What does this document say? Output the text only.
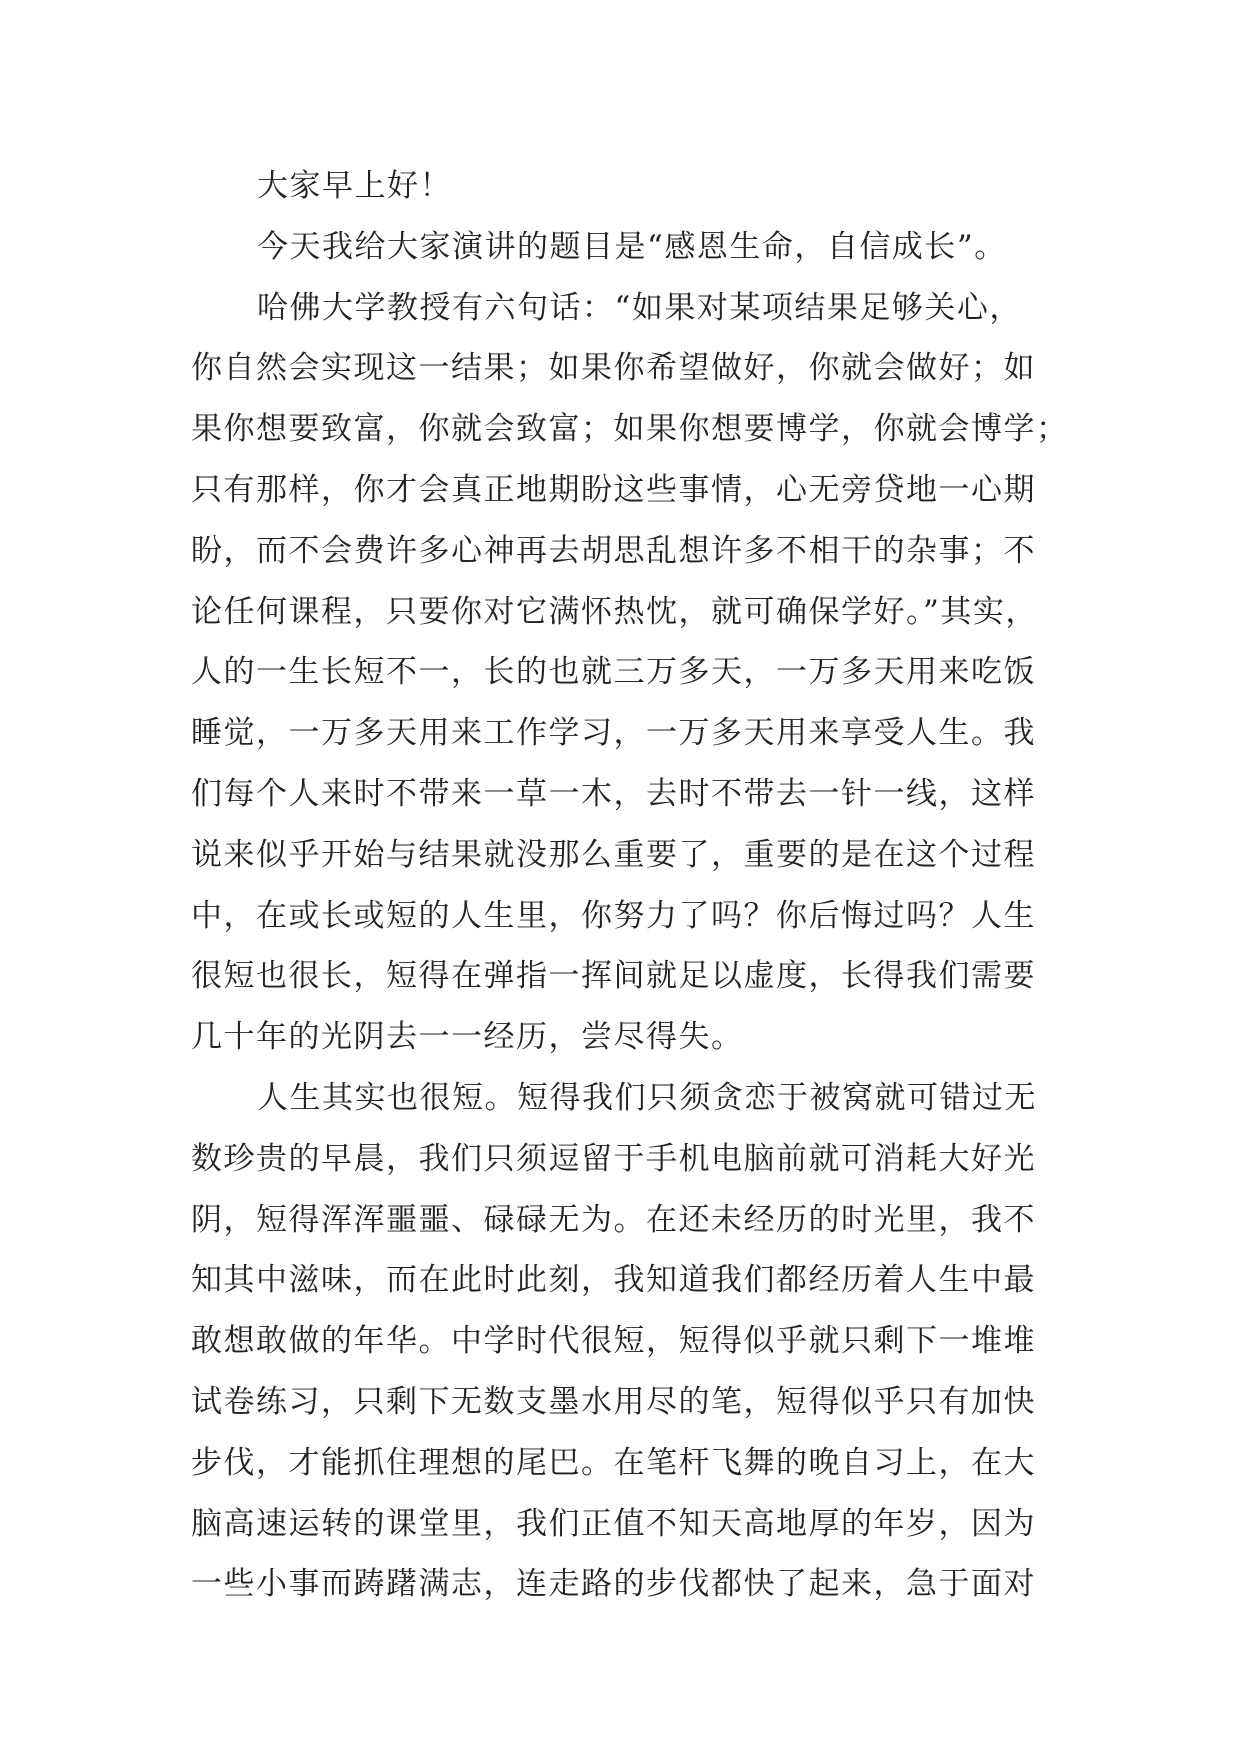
大家早上好！
今天我给大家演讲的题目是“感恩生命，自信成长”。
哈佛大学教授有六句话：“如果对某项结果足够关心，
你自然会实现这一结果；如果你希望做好，你就会做好；如
果你想要致富，你就会致富；如果你想要博学，你就会博学；
只有那样，你才会真正地期盼这些事情，心无旁贷地一心期
盼，而不会费许多心神再去胡思乱想许多不相干的杂事；不
论任何课程，只要你对它满怀热忱，就可确保学好。”其实，
人的一生长短不一，长的也就三万多天，一万多天用来吃饭
睡觉，一万多天用来工作学习，一万多天用来享受人生。我
们每个人来时不带来一草一木，去时不带去一针一线，这样
说来似乎开始与结果就没那么重要了，重要的是在这个过程
中，在或长或短的人生里，你努力了吗？你后悔过吗？人生
很短也很长，短得在弹指一挥间就足以虚度，长得我们需要
几十年的光阴去一一经历，尝尽得失。
人生其实也很短。短得我们只须贪恋于被窝就可错过无
数珍贵的早晨，我们只须逗留于手机电脑前就可消耗大好光
阴，短得浑浑噩噩、碌碌无为。在还未经历的时光里，我不
知其中滋味，而在此时此刻，我知道我们都经历着人生中最
敢想敢做的年华。中学时代很短，短得似乎就只剩下一堆堆
试卷练习，只剩下无数支墨水用尽的笔，短得似乎只有加快
步伐，才能抓住理想的尾巴。在笔杆飞舞的晚自习上，在大
脑高速运转的课堂里，我们正值不知天高地厚的年岁，因为
一些小事而踌躇满志，连走路的步伐都快了起来，急于面对
